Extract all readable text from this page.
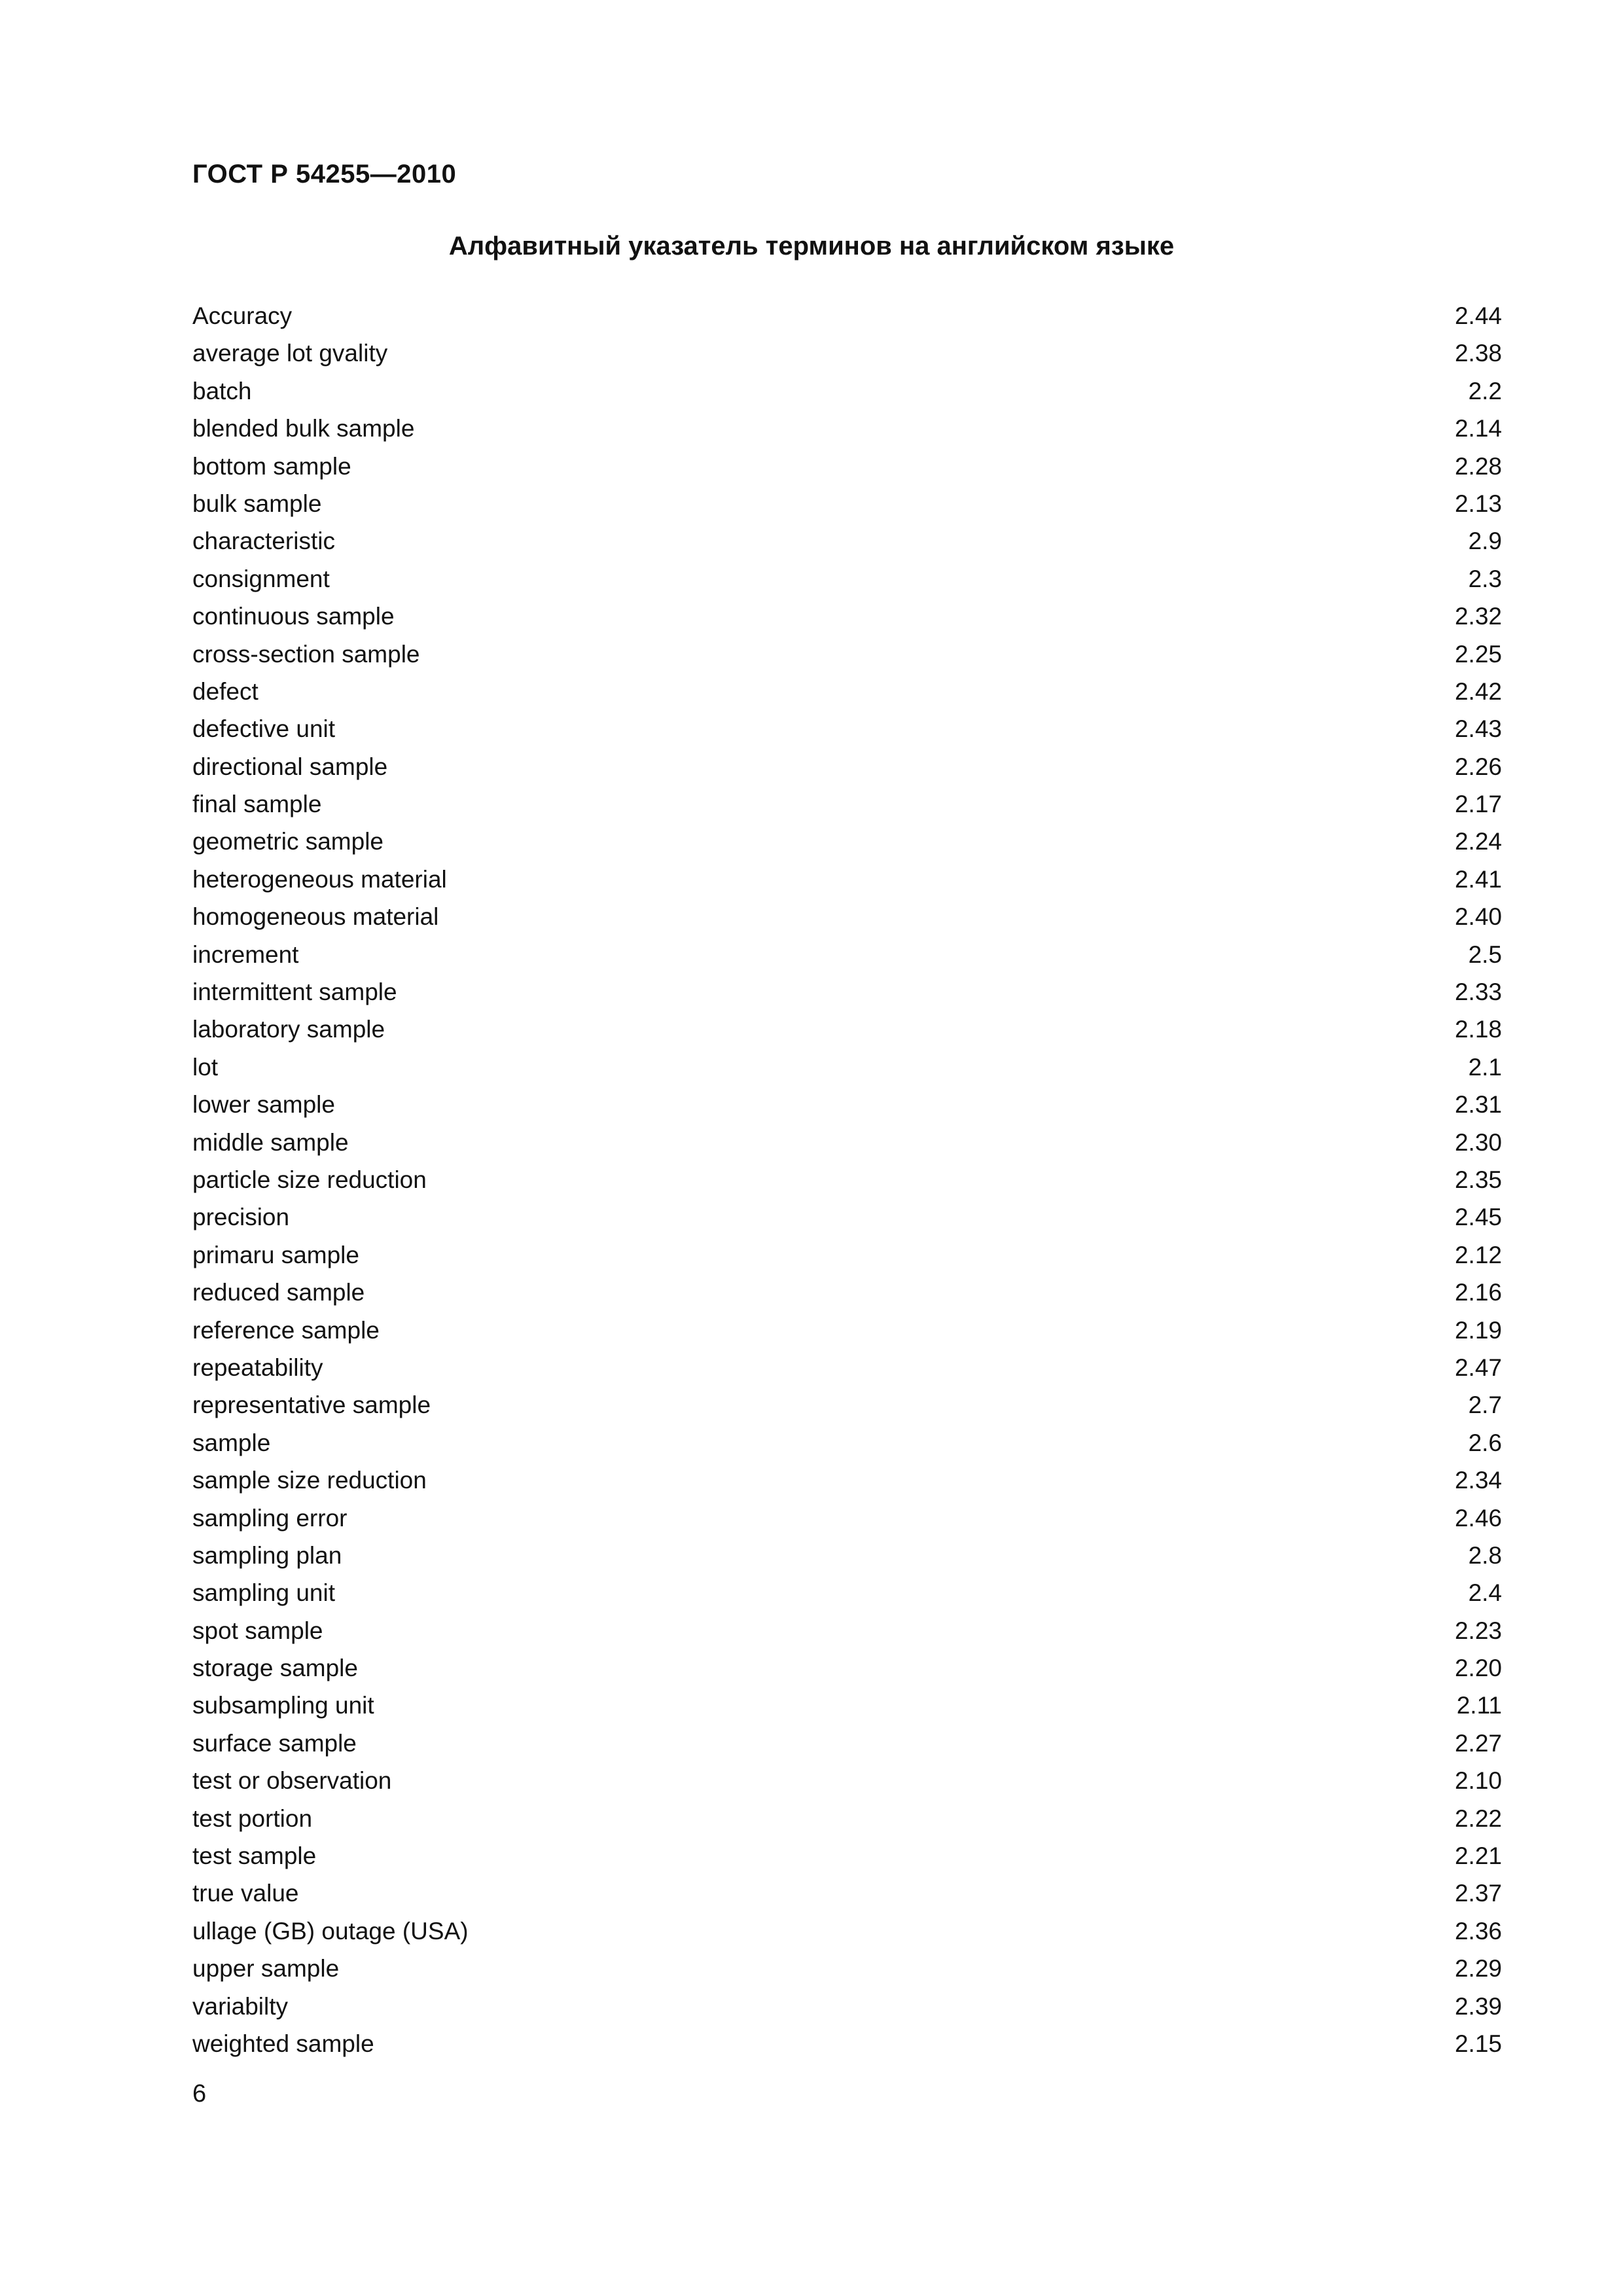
ГОСТ Р 54255—2010
Алфавитный указатель терминов на английском языке
Accuracy	2.44
average lot gvality	2.38
batch	2.2
blended bulk sample	2.14
bottom sample	2.28
bulk sample	2.13
characteristic	2.9
consignment	2.3
continuous sample	2.32
cross-section sample	2.25
defect	2.42
defective unit	2.43
directional sample	2.26
final sample	2.17
geometric sample	2.24
heterogeneous material	2.41
homogeneous material	2.40
increment	2.5
intermittent sample	2.33
laboratory sample	2.18
lot	2.1
lower sample	2.31
middle sample	2.30
particle size reduction	2.35
precision	2.45
primaru sample	2.12
reduced sample	2.16
reference sample	2.19
repeatability	2.47
representative sample	2.7
sample	2.6
sample size reduction	2.34
sampling error	2.46
sampling plan	2.8
sampling unit	2.4
spot sample	2.23
storage sample	2.20
subsampling unit	2.11
surface sample	2.27
test or observation	2.10
test portion	2.22
test sample	2.21
true value	2.37
ullage (GB) outage (USA)	2.36
upper sample	2.29
variabilty	2.39
weighted sample	2.15
6
